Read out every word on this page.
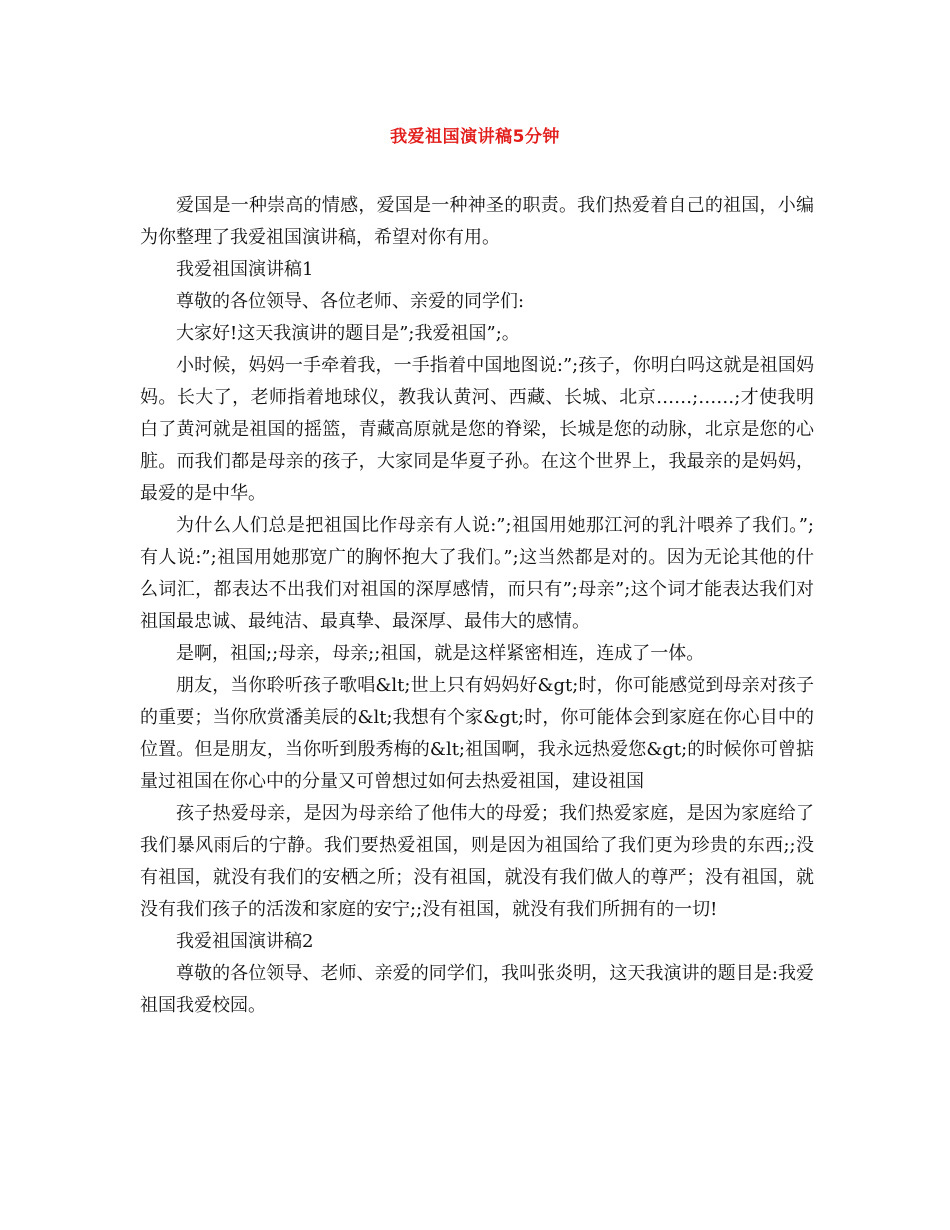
我爱祖国演讲稿5分钟

爱国是一种崇高的情感，爱国是一种神圣的职责。我们热爱着自己的祖国，小编为你整理了我爱祖国演讲稿，希望对你有用。

我爱祖国演讲稿1

尊敬的各位领导、各位老师、亲爱的同学们:

大家好!这天我演讲的题目是”;我爱祖国”;。

小时候，妈妈一手牵着我，一手指着中国地图说:”;孩子，你明白吗这就是祖国妈妈。长大了，老师指着地球仪，教我认黄河、西藏、长城、北京……;……;才使我明白了黄河就是祖国的摇篮，青藏高原就是您的脊梁，长城是您的动脉，北京是您的心脏。而我们都是母亲的孩子，大家同是华夏子孙。在这个世界上，我最亲的是妈妈，最爱的是中华。

为什么人们总是把祖国比作母亲有人说:”;祖国用她那江河的乳汁喂养了我们。”;有人说:”;祖国用她那宽广的胸怀抱大了我们。”;这当然都是对的。因为无论其他的什么词汇，都表达不出我们对祖国的深厚感情，而只有”;母亲”;这个词才能表达我们对祖国最忠诚、最纯洁、最真挚、最深厚、最伟大的感情。

是啊，祖国;;母亲，母亲;;祖国，就是这样紧密相连，连成了一体。

朋友，当你聆听孩子歌唱&lt;世上只有妈妈好&gt;时，你可能感觉到母亲对孩子的重要；当你欣赏潘美辰的&lt;我想有个家&gt;时，你可能体会到家庭在你心目中的位置。但是朋友，当你听到殷秀梅的&lt;祖国啊，我永远热爱您&gt;的时候你可曾掂量过祖国在你心中的分量又可曾想过如何去热爱祖国，建设祖国

孩子热爱母亲，是因为母亲给了他伟大的母爱；我们热爱家庭，是因为家庭给了我们暴风雨后的宁静。我们要热爱祖国，则是因为祖国给了我们更为珍贵的东西;;没有祖国，就没有我们的安栖之所；没有祖国，就没有我们做人的尊严；没有祖国，就没有我们孩子的活泼和家庭的安宁;;没有祖国，就没有我们所拥有的一切!

我爱祖国演讲稿2

尊敬的各位领导、老师、亲爱的同学们，我叫张炎明，这天我演讲的题目是:我爱祖国我爱校园。
